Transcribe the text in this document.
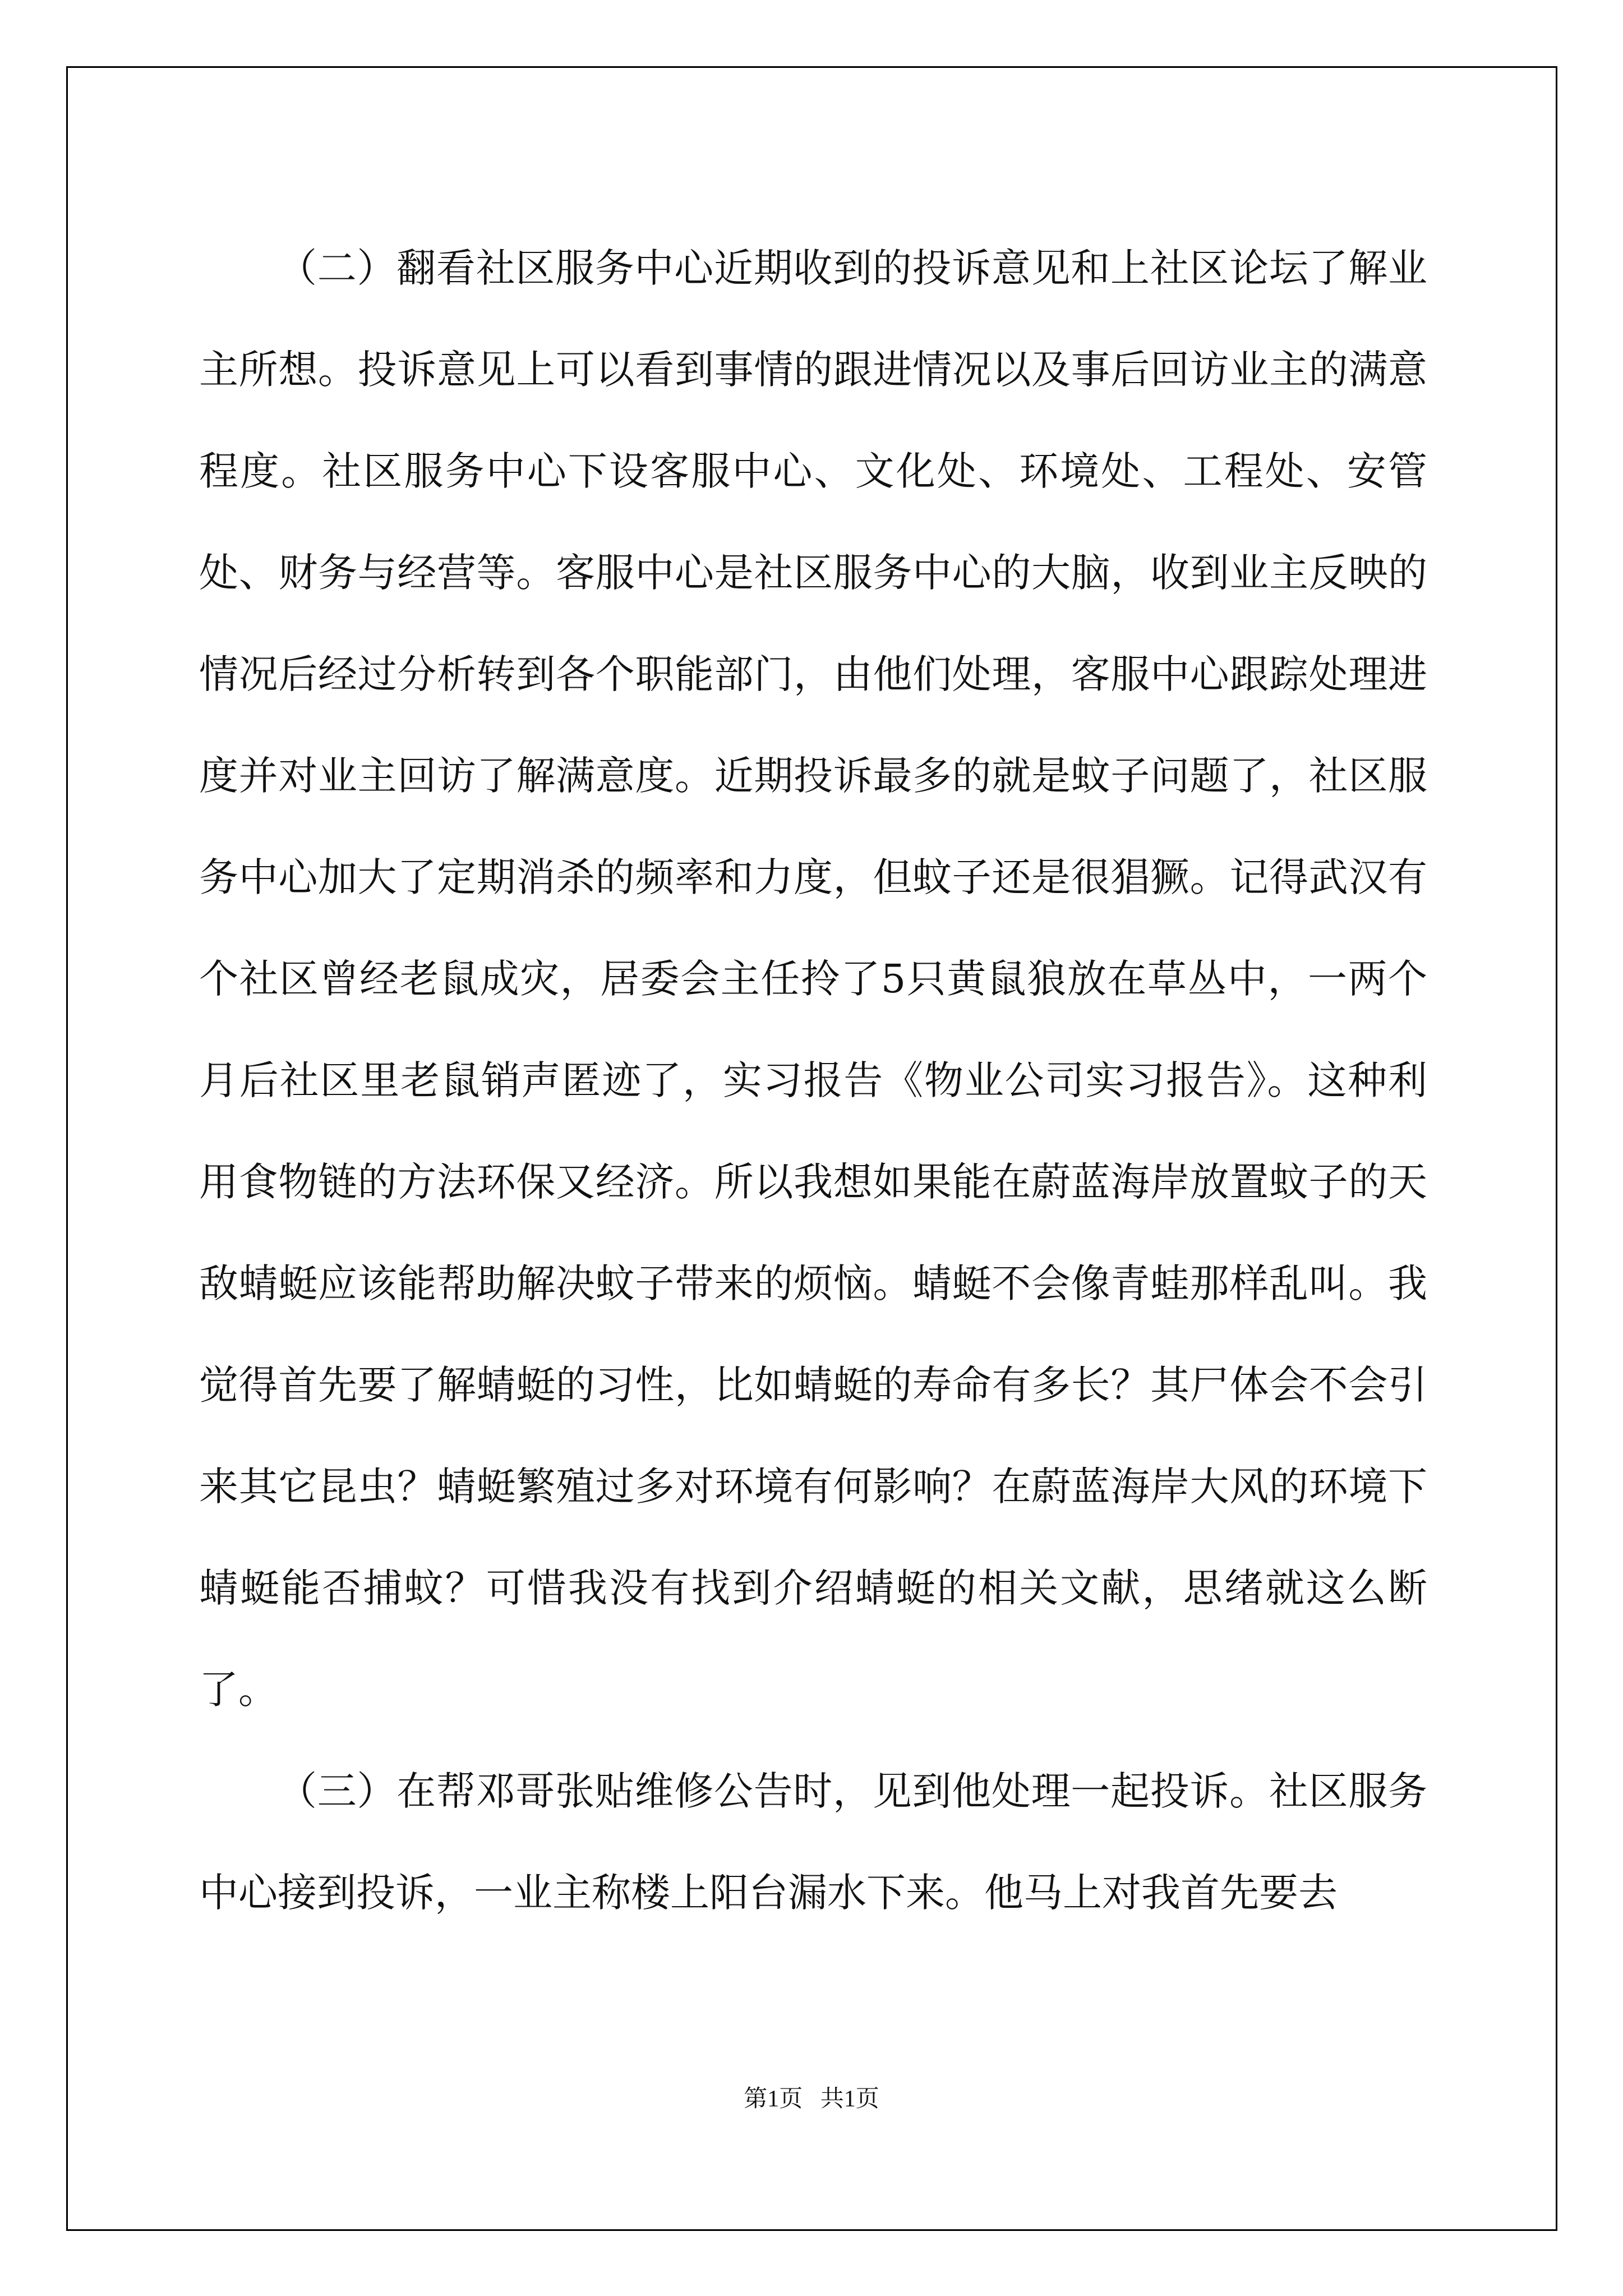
（二）翻看社区服务中心近期收到的投诉意见和上社区论坛了解业主所想。投诉意见上可以看到事情的跟进情况以及事后回访业主的满意程度。社区服务中心下设客服中心、文化处、环境处、工程处、安管处、财务与经营等。客服中心是社区服务中心的大脑，收到业主反映的情况后经过分析转到各个职能部门，由他们处理，客服中心跟踪处理进度并对业主回访了解满意度。近期投诉最多的就是蚊子问题了，社区服务中心加大了定期消杀的频率和力度，但蚊子还是很猖獗。记得武汉有个社区曾经老鼠成灾，居委会主任拎了5只黄鼠狼放在草丛中，一两个月后社区里老鼠销声匿迹了，实习报告《物业公司实习报告》。这种利用食物链的方法环保又经济。所以我想如果能在蔚蓝海岸放置蚊子的天敌蜻蜓应该能帮助解决蚊子带来的烦恼。蜻蜓不会像青蛙那样乱叫。我觉得首先要了解蜻蜓的习性，比如蜻蜓的寿命有多长？其尸体会不会引来其它昆虫？蜻蜓繁殖过多对环境有何影响？在蔚蓝海岸大风的环境下蜻蜓能否捕蚊？可惜我没有找到介绍蜻蜓的相关文献，思绪就这么断了。

（三）在帮邓哥张贴维修公告时，见到他处理一起投诉。社区服务中心接到投诉，一业主称楼上阳台漏水下来。他马上对我首先要去

第1页 共1页
